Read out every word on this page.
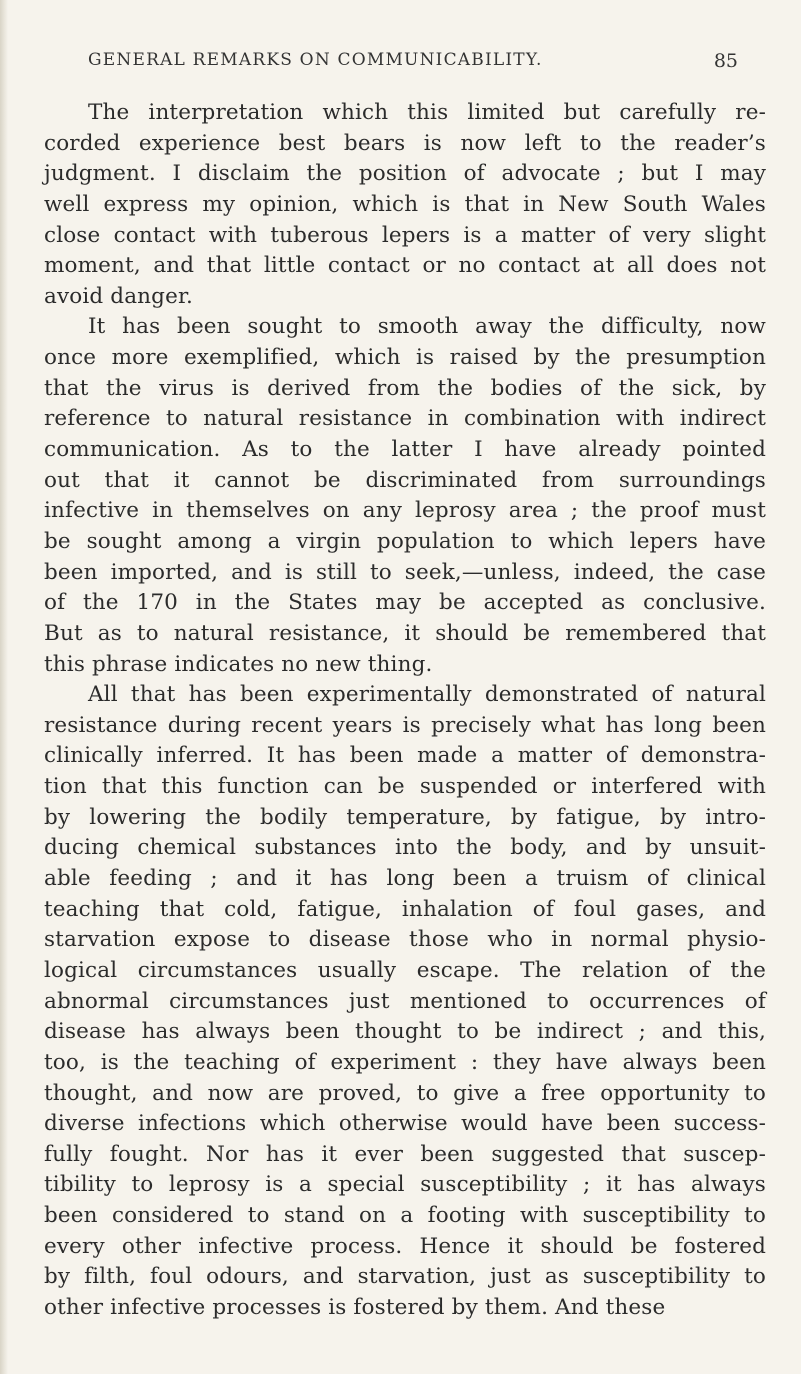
GENERAL REMARKS ON COMMUNICABILITY.	85
The interpretation which this limited but carefully re-
corded experience best bears is now left to the reader’s
judgment. I disclaim the position of advocate ; but I may
well express my opinion, which is that in New South Wales
close contact with tuberous lepers is a matter of very slight
moment, and that little contact or no contact at all does not
avoid danger.
It has been sought to smooth away the difficulty, now
once more exemplified, which is raised by the presumption
that the virus is derived from the bodies of the sick, by
reference to natural resistance in combination with indirect
communication. As to the latter I have already pointed
out that it cannot be discriminated from surroundings
infective in themselves on any leprosy area ; the proof must
be sought among a virgin population to which lepers have
been imported, and is still to seek,—unless, indeed, the case
of the 170 in the States may be accepted as conclusive.
But as to natural resistance, it should be remembered that
this phrase indicates no new thing.
All that has been experimentally demonstrated of natural
resistance during recent years is precisely what has long been
clinically inferred. It has been made a matter of demonstra-
tion that this function can be suspended or interfered with
by lowering the bodily temperature, by fatigue, by intro-
ducing chemical substances into the body, and by unsuit-
able feeding ; and it has long been a truism of clinical
teaching that cold, fatigue, inhalation of foul gases, and
starvation expose to disease those who in normal physio-
logical circumstances usually escape. The relation of the
abnormal circumstances just mentioned to occurrences of
disease has always been thought to be indirect ; and this,
too, is the teaching of experiment : they have always been
thought, and now are proved, to give a free opportunity to
diverse infections which otherwise would have been success-
fully fought. Nor has it ever been suggested that suscep-
tibility to leprosy is a special susceptibility ; it has always
been considered to stand on a footing with susceptibility to
every other infective process. Hence it should be fostered
by filth, foul odours, and starvation, just as susceptibility to
other infective processes is fostered by them. And these
